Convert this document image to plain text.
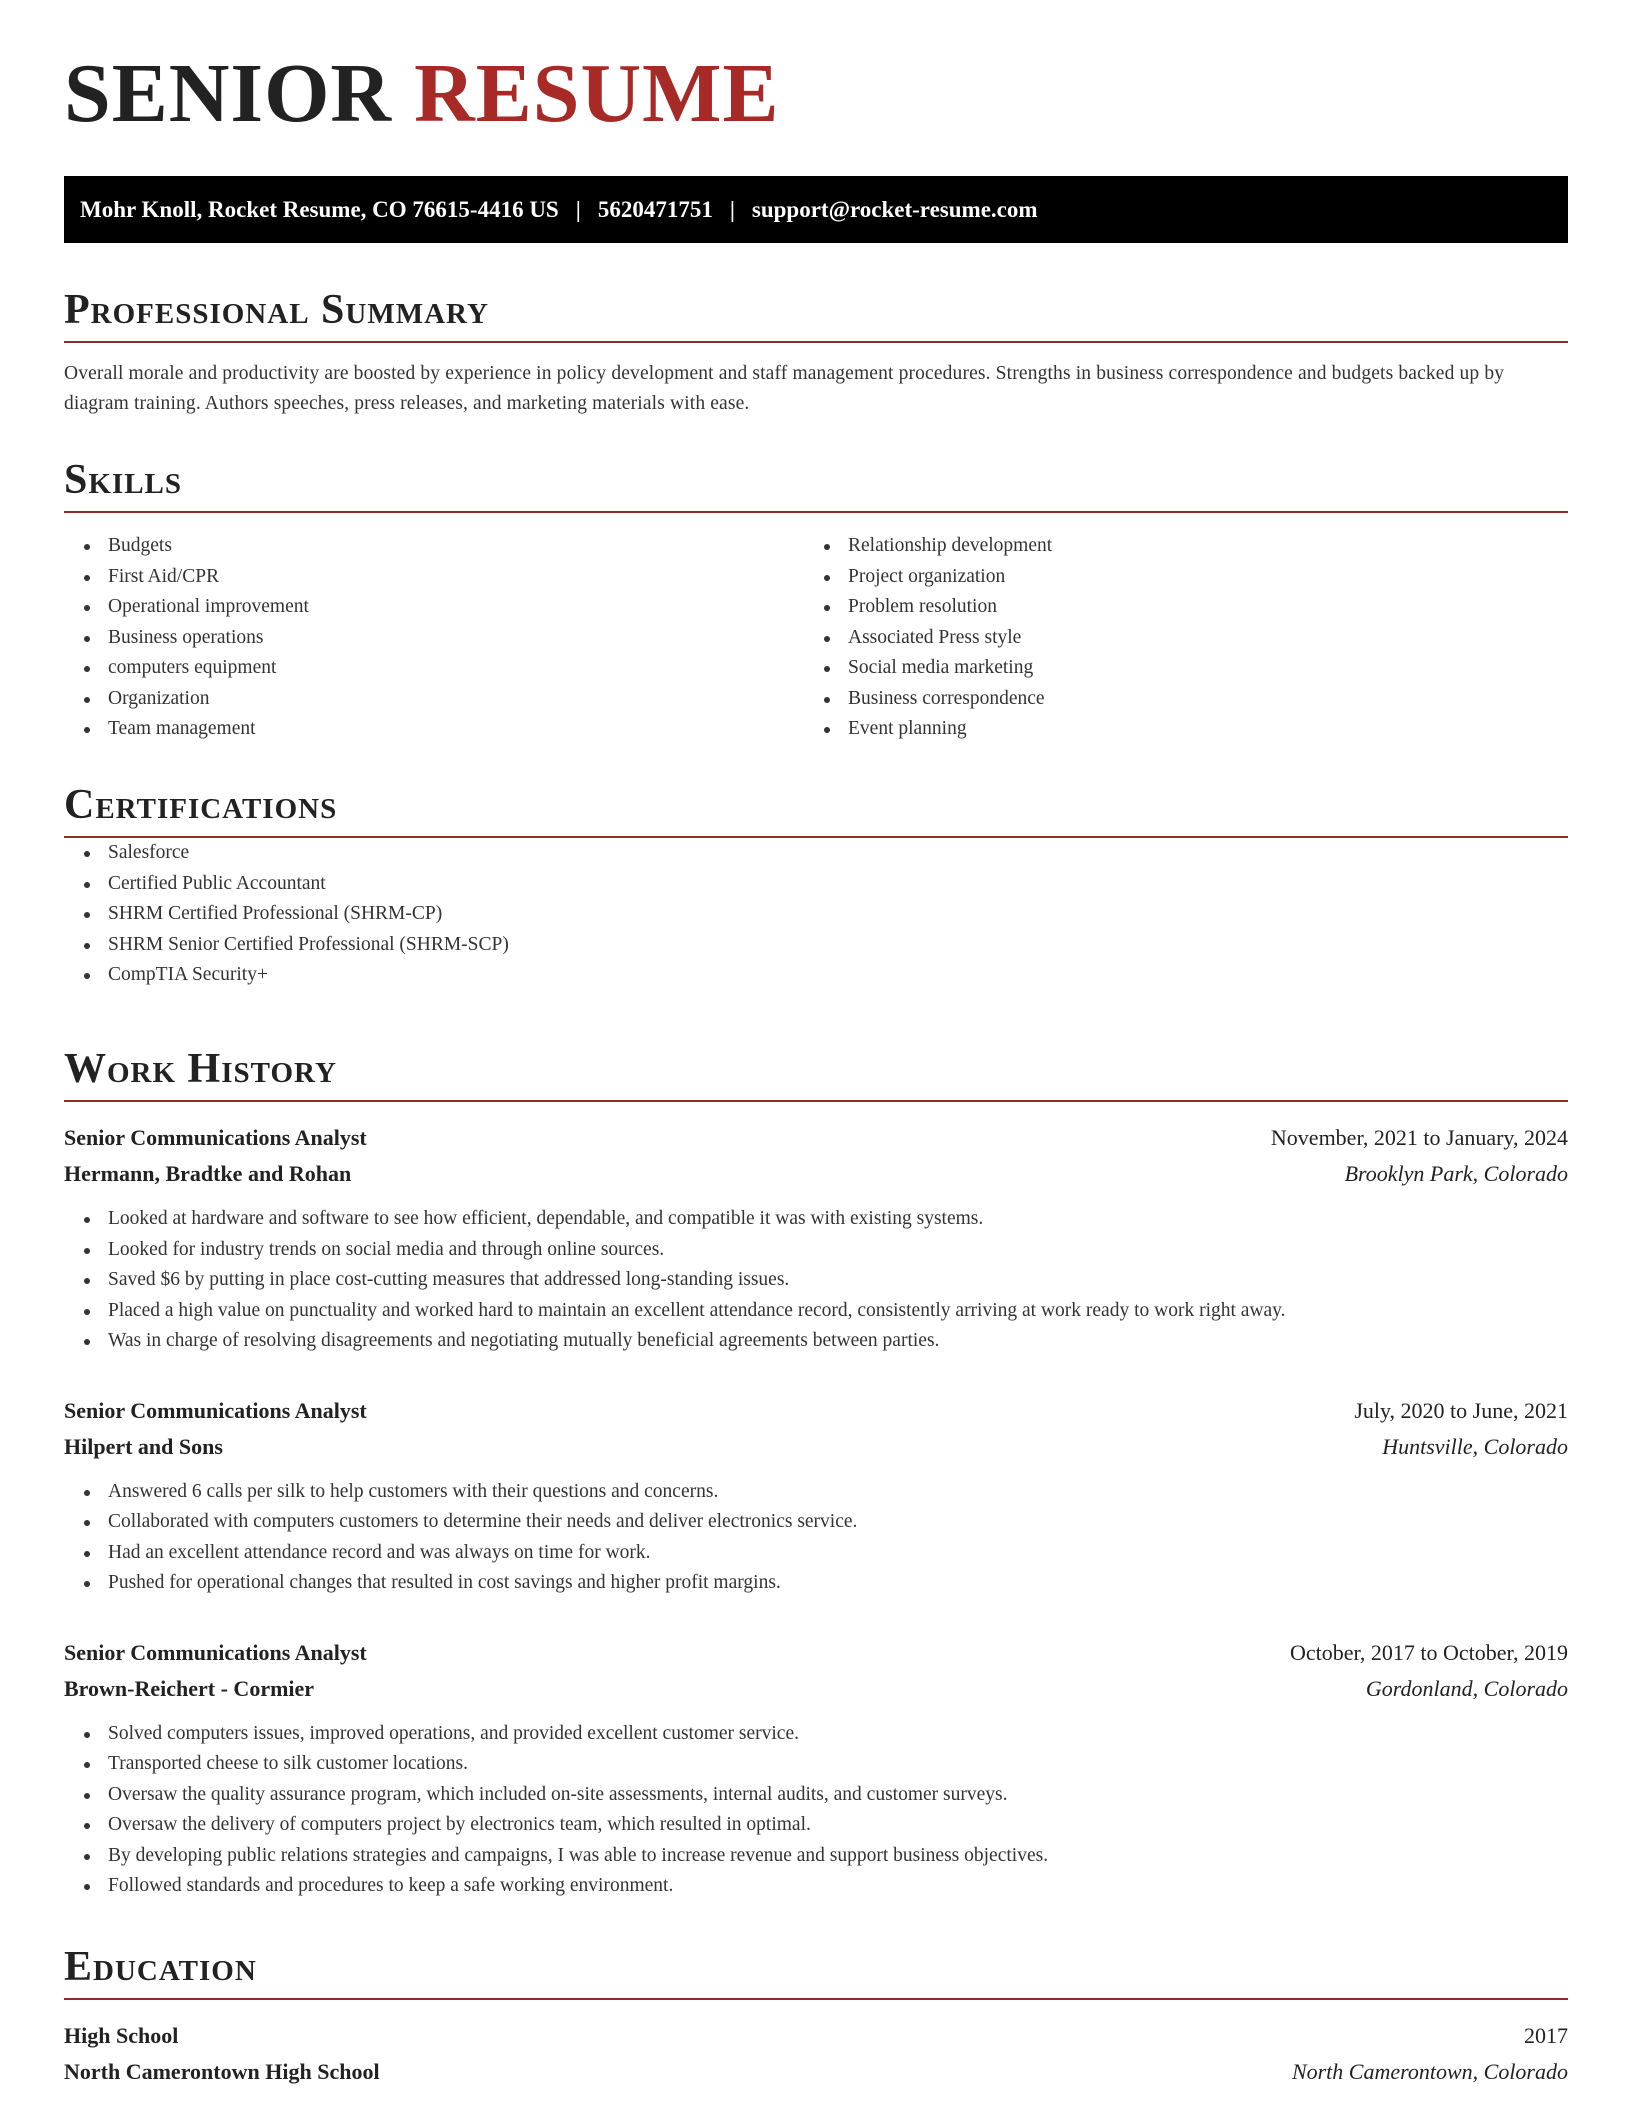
SENIOR RESUME
Mohr Knoll, Rocket Resume, CO 76615-4416 US | 5620471751 | support@rocket-resume.com
Professional Summary
Overall morale and productivity are boosted by experience in policy development and staff management procedures. Strengths in business correspondence and budgets backed up by diagram training. Authors speeches, press releases, and marketing materials with ease.
Skills
Budgets
First Aid/CPR
Operational improvement
Business operations
computers equipment
Organization
Team management
Relationship development
Project organization
Problem resolution
Associated Press style
Social media marketing
Business correspondence
Event planning
Certifications
Salesforce
Certified Public Accountant
SHRM Certified Professional (SHRM-CP)
SHRM Senior Certified Professional (SHRM-SCP)
CompTIA Security+
Work History
Senior Communications Analyst	November, 2021 to January, 2024
Hermann, Bradtke and Rohan	Brooklyn Park, Colorado
Looked at hardware and software to see how efficient, dependable, and compatible it was with existing systems.
Looked for industry trends on social media and through online sources.
Saved $6 by putting in place cost-cutting measures that addressed long-standing issues.
Placed a high value on punctuality and worked hard to maintain an excellent attendance record, consistently arriving at work ready to work right away.
Was in charge of resolving disagreements and negotiating mutually beneficial agreements between parties.
Senior Communications Analyst	July, 2020 to June, 2021
Hilpert and Sons	Huntsville, Colorado
Answered 6 calls per silk to help customers with their questions and concerns.
Collaborated with computers customers to determine their needs and deliver electronics service.
Had an excellent attendance record and was always on time for work.
Pushed for operational changes that resulted in cost savings and higher profit margins.
Senior Communications Analyst	October, 2017 to October, 2019
Brown-Reichert - Cormier	Gordonland, Colorado
Solved computers issues, improved operations, and provided excellent customer service.
Transported cheese to silk customer locations.
Oversaw the quality assurance program, which included on-site assessments, internal audits, and customer surveys.
Oversaw the delivery of computers project by electronics team, which resulted in optimal.
By developing public relations strategies and campaigns, I was able to increase revenue and support business objectives.
Followed standards and procedures to keep a safe working environment.
Education
High School	2017
North Camerontown High School	North Camerontown, Colorado
